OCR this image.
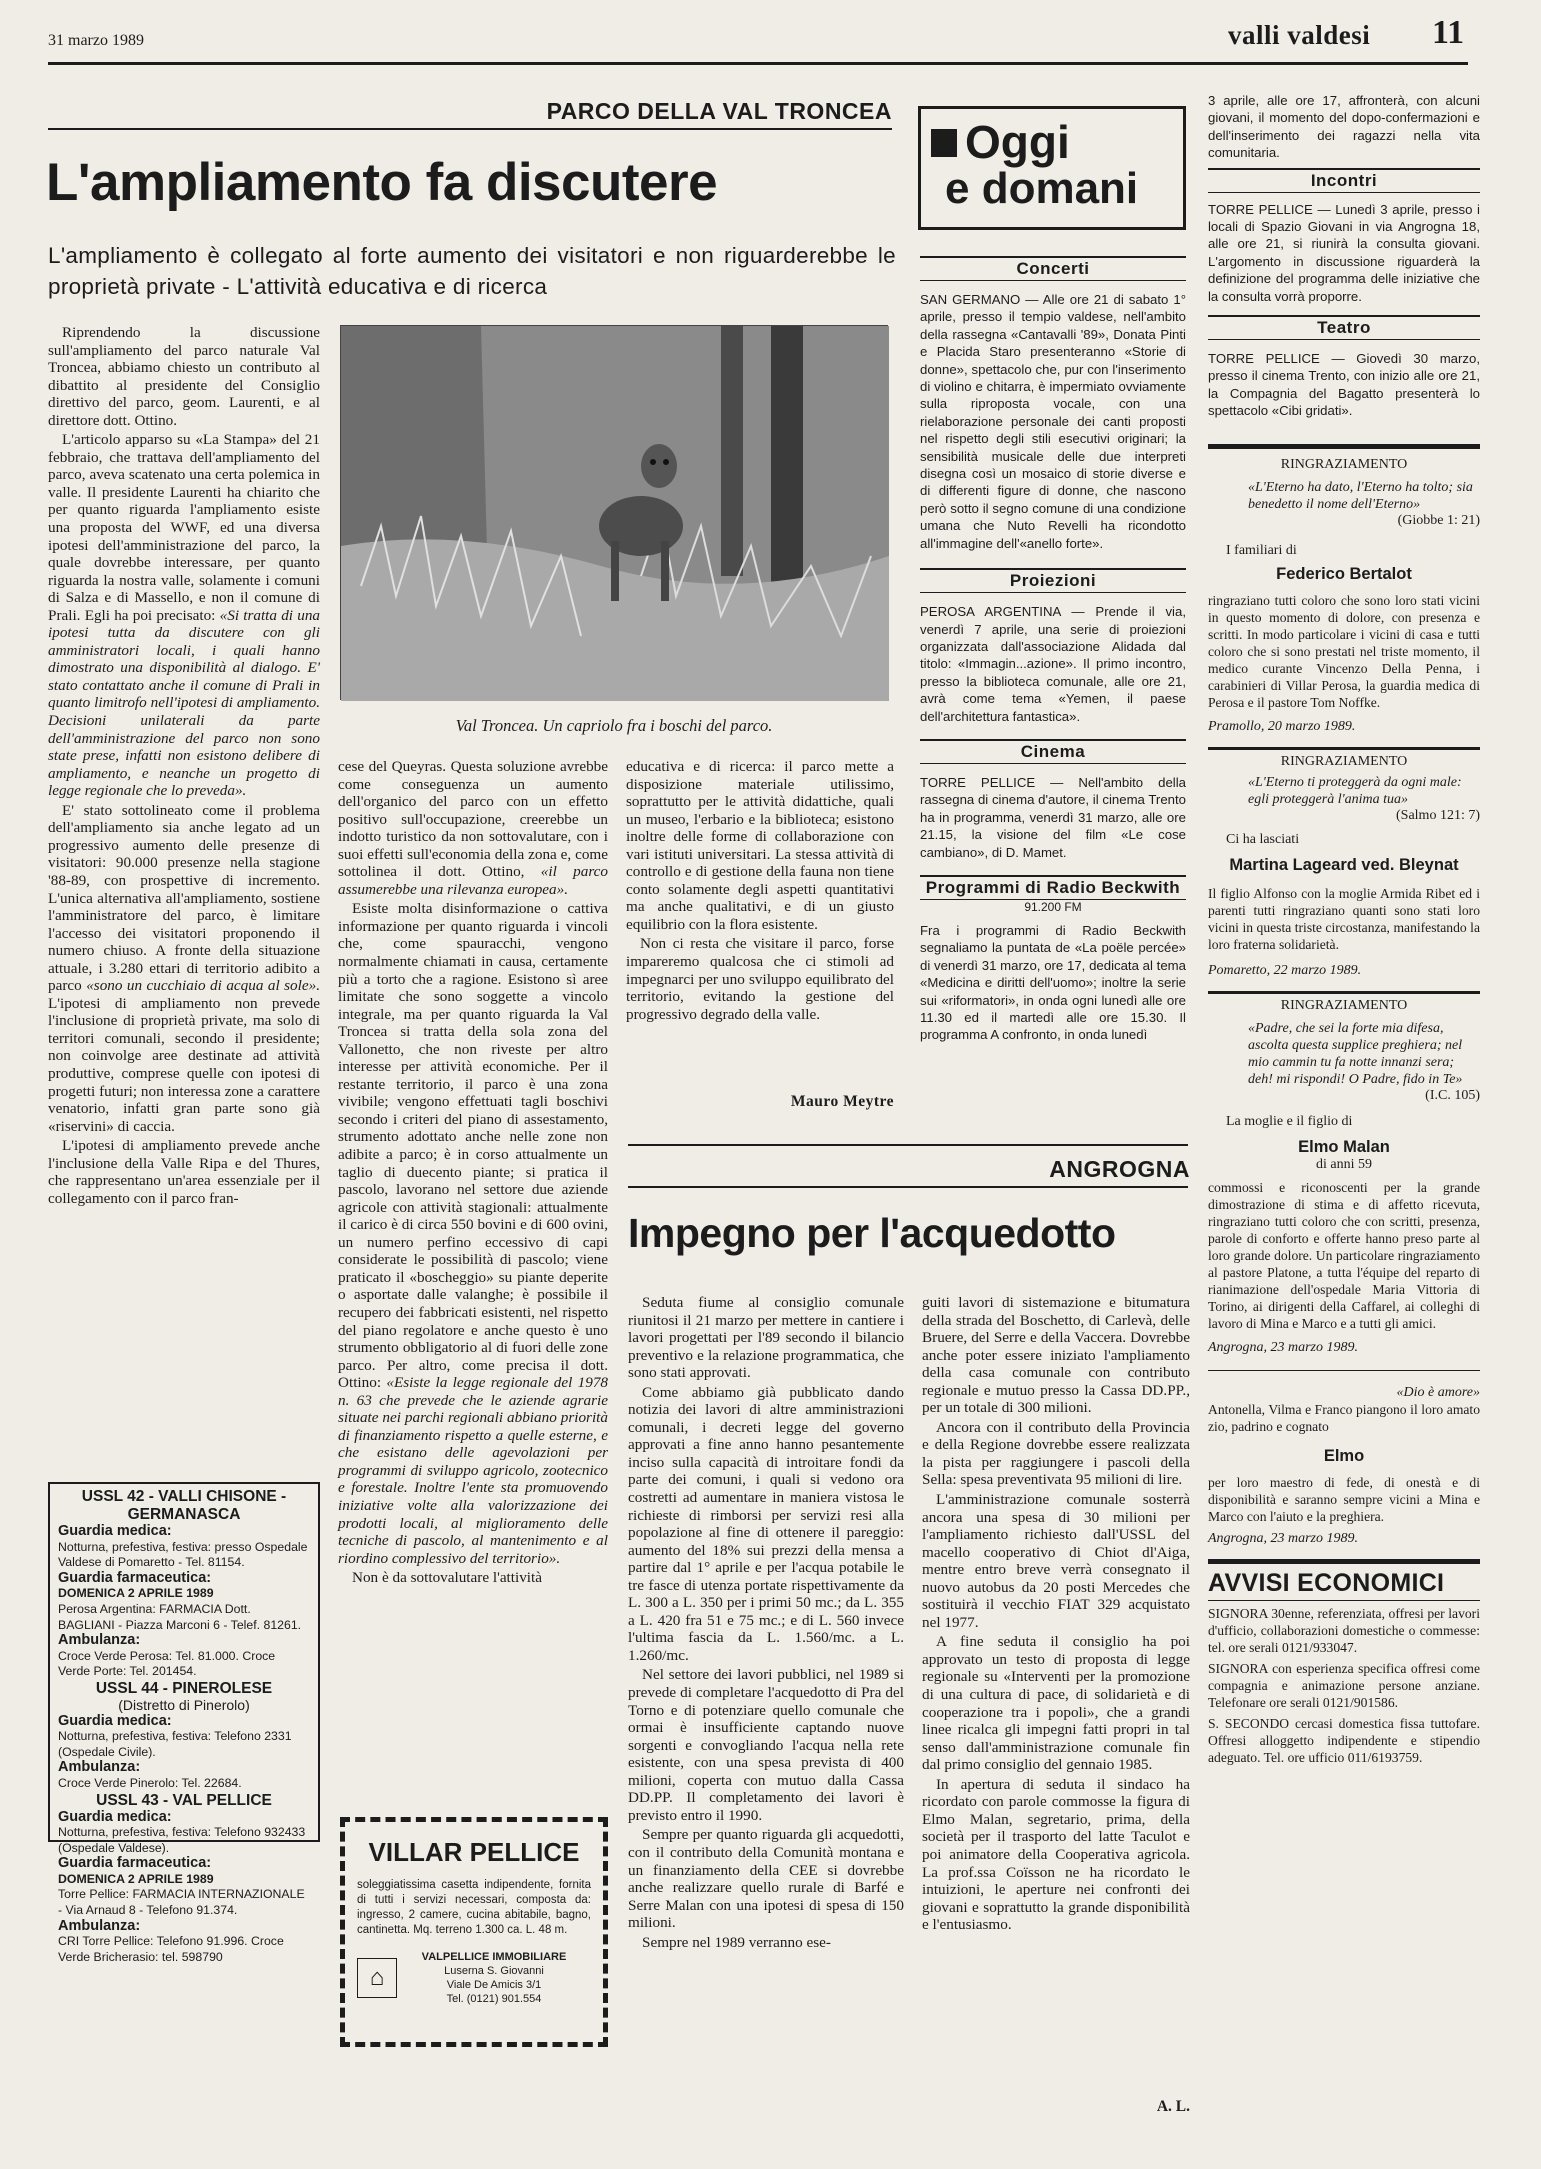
31 marzo 1989	valli valdesi 11
PARCO DELLA VAL TRONCEA
L'ampliamento fa discutere
L'ampliamento è collegato al forte aumento dei visitatori e non riguarderebbe le proprietà private - L'attività educativa e di ricerca
Val Troncea. Un capriolo fra i boschi del parco.

Riprendendo la discussione sull'ampliamento del parco naturale Val Troncea, abbiamo chiesto un contributo al dibattito al presidente del Consiglio direttivo del parco, geom. Laurenti, e al direttore dott. Ottino.

L'articolo apparso su «La Stampa» del 21 febbraio, che trattava dell'ampliamento del parco, aveva scatenato una certa polemica in valle. Il presidente Laurenti ha chiarito che per quanto riguarda l'ampliamento esiste una proposta del WWF, ed una diversa ipotesi dell'amministrazione del parco, la quale dovrebbe interessare, per quanto riguarda la nostra valle, solamente i comuni di Salza e di Massello, e non il comune di Prali. Egli ha poi precisato: «Si tratta di una ipotesi tutta da discutere con gli amministratori locali, i quali hanno dimostrato una disponibilità al dialogo. E' stato contattato anche il comune di Prali in quanto limitrofo nell'ipotesi di ampliamento. Decisioni unilaterali da parte dell'amministrazione del parco non sono state prese, infatti non esistono delibere di ampliamento, e neanche un progetto di legge regionale che lo preveda».

E' stato sottolineato come il problema dell'ampliamento sia anche legato ad un progressivo aumento delle presenze di visitatori: 90.000 presenze nella stagione '88-89, con prospettive di incremento. L'unica alternativa all'ampliamento, sostiene l'amministratore del parco, è limitare l'accesso dei visitatori proponendo il numero chiuso. A fronte della situazione attuale, i 3.280 ettari di territorio adibito a parco «sono un cucchiaio di acqua al sole». L'ipotesi di ampliamento non prevede l'inclusione di proprietà private, ma solo di territori comunali, secondo il presidente; non coinvolge aree destinate ad attività produttive, comprese quelle con ipotesi di progetti futuri; non interessa zone a carattere venatorio, infatti gran parte sono già «riservini» di caccia.

L'ipotesi di ampliamento prevede anche l'inclusione della Valle Ripa e del Thures, che rappresentano un'area essenziale per il collegamento con il parco fran-

cese del Queyras. Questa soluzione avrebbe come conseguenza un aumento dell'organico del parco con un effetto positivo sull'occupazione, creerebbe un indotto turistico da non sottovalutare, con i suoi effetti sull'economia della zona e, come sottolinea il dott. Ottino, «il parco assumerebbe una rilevanza europea».

Esiste molta disinformazione o cattiva informazione per quanto riguarda i vincoli che, come spauracchi, vengono normalmente chiamati in causa, certamente più a torto che a ragione. Esistono sì aree limitate che sono soggette a vincolo integrale, ma per quanto riguarda la Val Troncea si tratta della sola zona del Vallonetto, che non riveste per altro interesse per attività economiche. Per il restante territorio, il parco è una zona vivibile; vengono effettuati tagli boschivi secondo i criteri del piano di assestamento, strumento adottato anche nelle zone non adibite a parco; è in corso attualmente un taglio di duecento piante; si pratica il pascolo, lavorano nel settore due aziende agricole con attività stagionali: attualmente il carico è di circa 550 bovini e di 600 ovini, un numero perfino eccessivo di capi considerate le possibilità di pascolo; viene praticato il «boscheggio» su piante deperite o asportate dalle valanghe; è possibile il recupero dei fabbricati esistenti, nel rispetto del piano regolatore e anche questo è uno strumento obbligatorio al di fuori delle zone parco. Per altro, come precisa il dott. Ottino: «Esiste la legge regionale del 1978 n. 63 che prevede che le aziende agrarie situate nei parchi regionali abbiano priorità di finanziamento rispetto a quelle esterne, e che esistano delle agevolazioni per programmi di sviluppo agricolo, zootecnico e forestale. Inoltre l'ente sta promuovendo iniziative volte alla valorizzazione dei prodotti locali, al miglioramento delle tecniche di pascolo, al mantenimento e al riordino complessivo del territorio».

Non è da sottovalutare l'attività

educativa e di ricerca: il parco mette a disposizione materiale utilissimo, soprattutto per le attività didattiche, quali un museo, l'erbario e la biblioteca; esistono inoltre delle forme di collaborazione con vari istituti universitari. La stessa attività di controllo e di gestione della fauna non tiene conto solamente degli aspetti quantitativi ma anche qualitativi, e di un giusto equilibrio con la flora esistente.

Non ci resta che visitare il parco, forse impareremo qualcosa che ci stimoli ad impegnarci per uno sviluppo equilibrato del territorio, evitando la gestione del progressivo degrado della valle.

Mauro Meytre
USSL 42 - VALLI CHISONE - GERMANASCA
Guardia medica:
Notturna, prefestiva, festiva: presso Ospedale Valdese di Pomaretto - Tel. 81154.
Guardia farmaceutica:
DOMENICA 2 APRILE 1989
Perosa Argentina: FARMACIA Dott. BAGLIANI - Piazza Marconi 6 - Telef. 81261.
Ambulanza:
Croce Verde Perosa: Tel. 81.000. Croce Verde Porte: Tel. 201454.
USSL 44 - PINEROLESE
(Distretto di Pinerolo)
Guardia medica:
Notturna, prefestiva, festiva: Telefono 2331 (Ospedale Civile).
Ambulanza:
Croce Verde Pinerolo: Tel. 22684.
USSL 43 - VAL PELLICE
Guardia medica:
Notturna, prefestiva, festiva: Telefono 932433 (Ospedale Valdese).
Guardia farmaceutica:
DOMENICA 2 APRILE 1989
Torre Pellice: FARMACIA INTERNAZIONALE - Via Arnaud 8 - Telefono 91.374.
Ambulanza:
CRI Torre Pellice: Telefono 91.996. Croce Verde Bricherasio: tel. 598790
VILLAR PELLICE
soleggiatissima casetta indipendente, fornita di tutti i servizi necessari, composta da: ingresso, 2 camere, cucina abitabile, bagno, cantinetta. Mq. terreno 1.300 ca. L. 48 m.
⌂
VALPELLICE IMMOBILIARE
Luserna S. Giovanni
Viale De Amicis 3/1
Tel. (0121) 901.554
ANGROGNA
Impegno per l'acquedotto

Seduta fiume al consiglio comunale riunitosi il 21 marzo per mettere in cantiere i lavori progettati per l'89 secondo il bilancio preventivo e la relazione programmatica, che sono stati approvati.

Come abbiamo già pubblicato dando notizia dei lavori di altre amministrazioni comunali, i decreti legge del governo approvati a fine anno hanno pesantemente inciso sulla capacità di introitare fondi da parte dei comuni, i quali si vedono ora costretti ad aumentare in maniera vistosa le richieste di rimborsi per servizi resi alla popolazione al fine di ottenere il pareggio: aumento del 18% sui prezzi della mensa a partire dal 1° aprile e per l'acqua potabile le tre fasce di utenza portate rispettivamente da L. 300 a L. 350 per i primi 50 mc.; da L. 355 a L. 420 fra 51 e 75 mc.; e di L. 560 invece l'ultima fascia da L. 1.560/mc. a L. 1.260/mc.

Nel settore dei lavori pubblici, nel 1989 si prevede di completare l'acquedotto di Pra del Torno e di potenziare quello comunale che ormai è insufficiente captando nuove sorgenti e convogliando l'acqua nella rete esistente, con una spesa prevista di 400 milioni, coperta con mutuo dalla Cassa DD.PP. Il completamento dei lavori è previsto entro il 1990.

Sempre per quanto riguarda gli acquedotti, con il contributo della Comunità montana e un finanziamento della CEE si dovrebbe anche realizzare quello rurale di Barfé e Serre Malan con una ipotesi di spesa di 150 milioni.

Sempre nel 1989 verranno ese-

guiti lavori di sistemazione e bitumatura della strada del Boschetto, di Carlevà, delle Bruere, del Serre e della Vaccera. Dovrebbe anche poter essere iniziato l'ampliamento della casa comunale con contributo regionale e mutuo presso la Cassa DD.PP., per un totale di 300 milioni.

Ancora con il contributo della Provincia e della Regione dovrebbe essere realizzata la pista per raggiungere i pascoli della Sella: spesa preventivata 95 milioni di lire.

L'amministrazione comunale sosterrà ancora una spesa di 30 milioni per l'ampliamento richiesto dall'USSL del macello cooperativo di Chiot dl'Aiga, mentre entro breve verrà consegnato il nuovo autobus da 20 posti Mercedes che sostituirà il vecchio FIAT 329 acquistato nel 1977.

A fine seduta il consiglio ha poi approvato un testo di proposta di legge regionale su «Interventi per la promozione di una cultura di pace, di solidarietà e di cooperazione tra i popoli», che a grandi linee ricalca gli impegni fatti propri in tal senso dall'amministrazione comunale fin dal primo consiglio del gennaio 1985.

In apertura di seduta il sindaco ha ricordato con parole commosse la figura di Elmo Malan, segretario, prima, della società per il trasporto del latte Taculot e poi animatore della Cooperativa agricola. La prof.ssa Coïsson ne ha ricordato le intuizioni, le aperture nei confronti dei giovani e soprattutto la grande disponibilità e l'entusiasmo.

A. L.
Oggi
e domani
Concerti
SAN GERMANO — Alle ore 21 di sabato 1° aprile, presso il tempio valdese, nell'ambito della rassegna «Cantavalli '89», Donata Pinti e Placida Staro presenteranno «Storie di donne», spettacolo che, pur con l'inserimento di violino e chitarra, è impermiato ovviamente sulla riproposta vocale, con una rielaborazione personale dei canti proposti nel rispetto degli stili esecutivi originari; la sensibilità musicale delle due interpreti disegna così un mosaico di storie diverse e di differenti figure di donne, che nascono però sotto il segno comune di una condizione umana che Nuto Revelli ha ricondotto all'immagine dell'«anello forte».
Proiezioni
PEROSA ARGENTINA — Prende il via, venerdì 7 aprile, una serie di proiezioni organizzata dall'associazione Alidada dal titolo: «Immagin...azione». Il primo incontro, presso la biblioteca comunale, alle ore 21, avrà come tema «Yemen, il paese dell'architettura fantastica».
Cinema
TORRE PELLICE — Nell'ambito della rassegna di cinema d'autore, il cinema Trento ha in programma, venerdì 31 marzo, alle ore 21.15, la visione del film «Le cose cambiano», di D. Mamet.
Programmi di Radio Beckwith
91.200 FM
Fra i programmi di Radio Beckwith segnaliamo la puntata de «La poële percée» di venerdì 31 marzo, ore 17, dedicata al tema «Medicina e diritti dell'uomo»; inoltre la serie sui «riformatori», in onda ogni lunedì alle ore 11.30 ed il martedì alle ore 15.30. Il programma A confronto, in onda lunedì
3 aprile, alle ore 17, affronterà, con alcuni giovani, il momento del dopo-confermazioni e dell'inserimento dei ragazzi nella vita comunitaria.
Incontri
TORRE PELLICE — Lunedì 3 aprile, presso i locali di Spazio Giovani in via Angrogna 18, alle ore 21, si riunirà la consulta giovani. L'argomento in discussione riguarderà la definizione del programma delle iniziative che la consulta vorrà proporre.
Teatro
TORRE PELLICE — Giovedì 30 marzo, presso il cinema Trento, con inizio alle ore 21, la Compagnia del Bagatto presenterà lo spettacolo «Cibi gridati».
RINGRAZIAMENTO
«L'Eterno ha dato, l'Eterno ha tolto; sia benedetto il nome dell'Eterno»
(Giobbe 1: 21)
I familiari di
Federico Bertalot
ringraziano tutti coloro che sono loro stati vicini in questo momento di dolore, con presenza e scritti. In modo particolare i vicini di casa e tutti coloro che si sono prestati nel triste momento, il medico curante Vincenzo Della Penna, i carabinieri di Villar Perosa, la guardia medica di Perosa e il pastore Tom Noffke.
Pramollo, 20 marzo 1989.
RINGRAZIAMENTO
«L'Eterno ti proteggerà da ogni male: egli proteggerà l'anima tua»
(Salmo 121: 7)
Ci ha lasciati
Martina Lageard ved. Bleynat
Il figlio Alfonso con la moglie Armida Ribet ed i parenti tutti ringraziano quanti sono stati loro vicini in questa triste circostanza, manifestando la loro fraterna solidarietà.
Pomaretto, 22 marzo 1989.
RINGRAZIAMENTO
«Padre, che sei la forte mia difesa, ascolta questa supplice preghiera; nel mio cammin tu fa notte innanzi sera; deh! mi rispondi! O Padre, fido in Te»
(I.C. 105)
La moglie e il figlio di
Elmo Malan
di anni 59
commossi e riconoscenti per la grande dimostrazione di stima e di affetto ricevuta, ringraziano tutti coloro che con scritti, presenza, parole di conforto e offerte hanno preso parte al loro grande dolore. Un particolare ringraziamento al pastore Platone, a tutta l'équipe del reparto di rianimazione dell'ospedale Maria Vittoria di Torino, ai dirigenti della Caffarel, ai colleghi di lavoro di Mina e Marco e a tutti gli amici.
Angrogna, 23 marzo 1989.
«Dio è amore»
Antonella, Vilma e Franco piangono il loro amato zio, padrino e cognato
Elmo
per loro maestro di fede, di onestà e di disponibilità e saranno sempre vicini a Mina e Marco con l'aiuto e la preghiera.
Angrogna, 23 marzo 1989.
AVVISI ECONOMICI
SIGNORA 30enne, referenziata, offresi per lavori d'ufficio, collaborazioni domestiche o commesse: tel. ore serali 0121/933047.
SIGNORA con esperienza specifica offresi come compagnia e animazione persone anziane. Telefonare ore serali 0121/901586.
S. SECONDO cercasi domestica fissa tuttofare. Offresi alloggetto indipendente e stipendio adeguato. Tel. ore ufficio 011/6193759.
